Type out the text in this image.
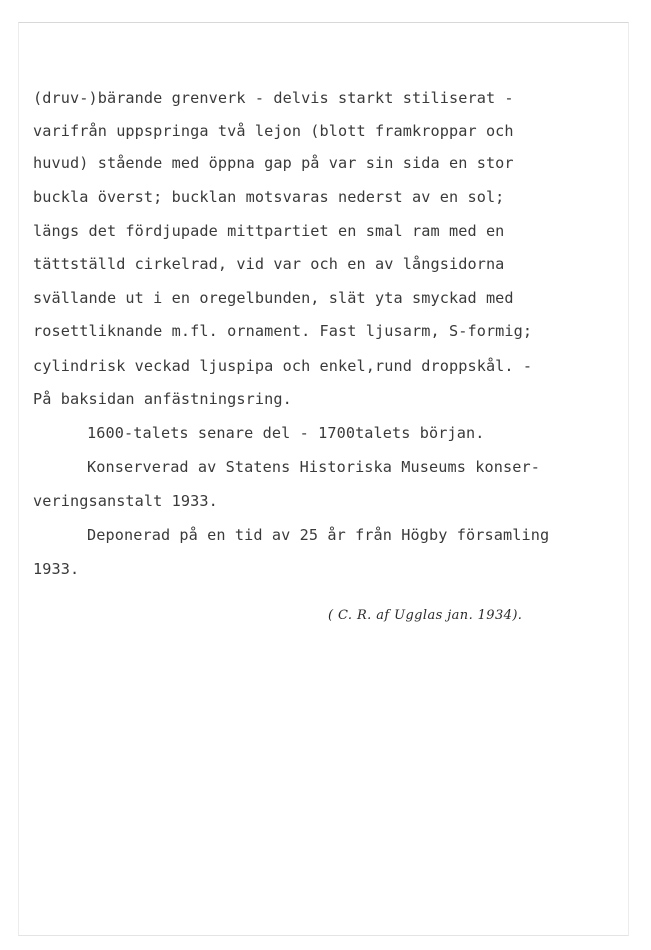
(druv-)bärande grenverk - delvis starkt stiliserat -
varifrån uppspringa två lejon (blott framkroppar och
huvud) stående med öppna gap på var sin sida en stor
buckla överst; bucklan motsvaras nederst av en sol;
längs det fördjupade mittpartiet en smal ram med en
tättställd cirkelrad, vid var och en av långsidorna
svällande ut i en oregelbunden, slät yta smyckad med
rosettliknande m.fl. ornament. Fast ljusarm, S-formig;
cylindrisk veckad ljuspipa och enkel,rund droppskål. -
På baksidan anfästningsring.
1600-talets senare del - 1700talets början.
Konserverad av Statens Historiska Museums konser-
veringsanstalt 1933.
Deponerad på en tid av 25 år från Högby församling
1933.
( C. R. af Ugglas jan. 1934).
